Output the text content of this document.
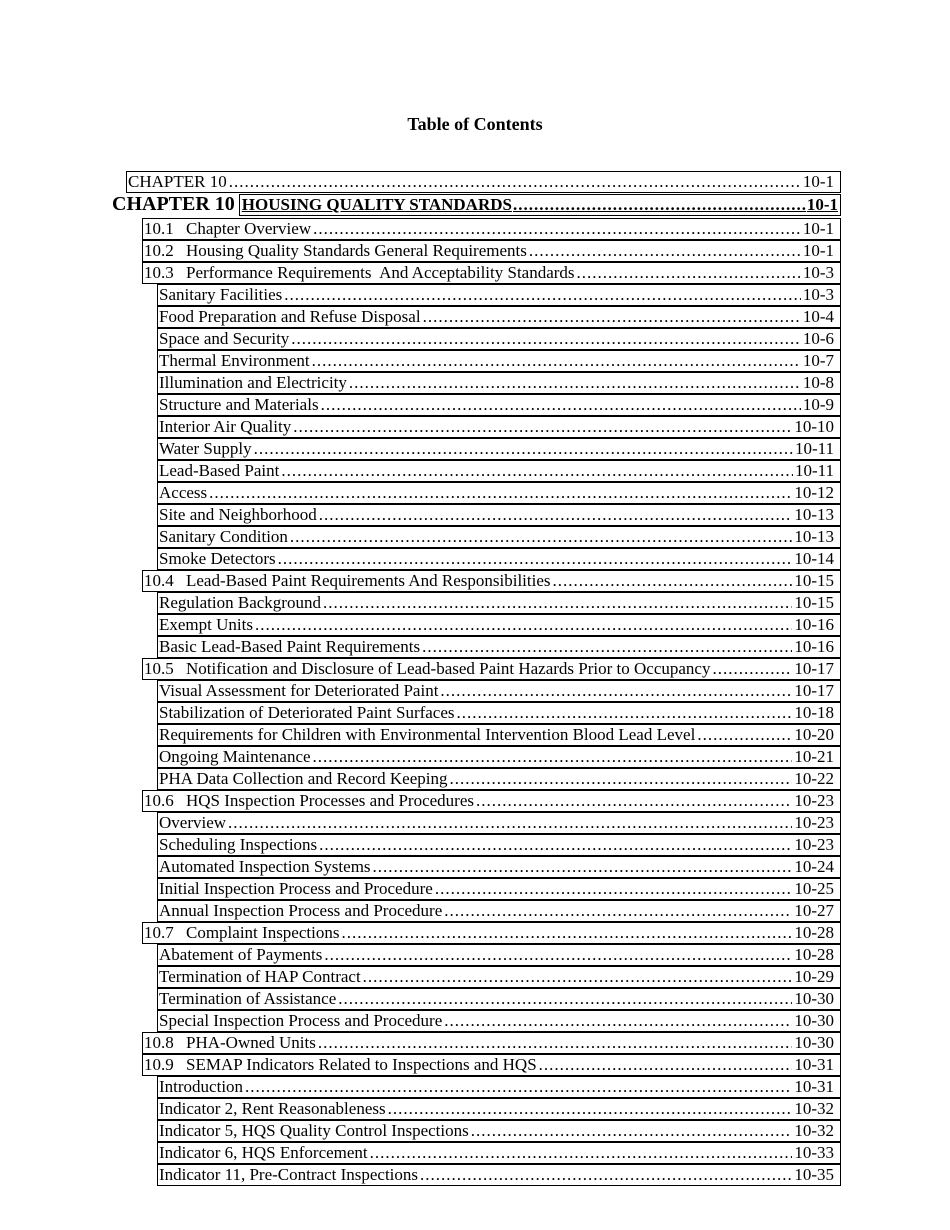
Table of Contents
CHAPTER 10 .....	10-1
CHAPTER 10 HOUSING QUALITY STANDARDS .....	10-1
10.1 Chapter Overview .....	10-1
10.2 Housing Quality Standards General Requirements .....	10-1
10.3 Performance Requirements  And Acceptability Standards .....	10-3
Sanitary Facilities .....	10-3
Food Preparation and Refuse Disposal .....	10-4
Space and Security .....	10-6
Thermal Environment .....	10-7
Illumination and Electricity .....	10-8
Structure and Materials .....	10-9
Interior Air Quality .....	10-10
Water Supply .....	10-11
Lead-Based Paint .....	10-11
Access .....	10-12
Site and Neighborhood .....	10-13
Sanitary Condition .....	10-13
Smoke Detectors .....	10-14
10.4 Lead-Based Paint Requirements And Responsibilities .....	10-15
Regulation Background .....	10-15
Exempt Units .....	10-16
Basic Lead-Based Paint Requirements .....	10-16
10.5 Notification and Disclosure of Lead-based Paint Hazards Prior to Occupancy .....	10-17
Visual Assessment for Deteriorated Paint .....	10-17
Stabilization of Deteriorated Paint Surfaces .....	10-18
Requirements for Children with Environmental Intervention Blood Lead Level .....	10-20
Ongoing Maintenance .....	10-21
PHA Data Collection and Record Keeping .....	10-22
10.6 HQS Inspection Processes and Procedures .....	10-23
Overview .....	10-23
Scheduling Inspections .....	10-23
Automated Inspection Systems .....	10-24
Initial Inspection Process and Procedure .....	10-25
Annual Inspection Process and Procedure .....	10-27
10.7 Complaint Inspections .....	10-28
Abatement of Payments .....	10-28
Termination of HAP Contract .....	10-29
Termination of Assistance .....	10-30
Special Inspection Process and Procedure .....	10-30
10.8 PHA-Owned Units .....	10-30
10.9 SEMAP Indicators Related to Inspections and HQS .....	10-31
Introduction .....	10-31
Indicator 2, Rent Reasonableness .....	10-32
Indicator 5, HQS Quality Control Inspections .....	10-32
Indicator 6, HQS Enforcement .....	10-33
Indicator 11, Pre-Contract Inspections .....	10-35
